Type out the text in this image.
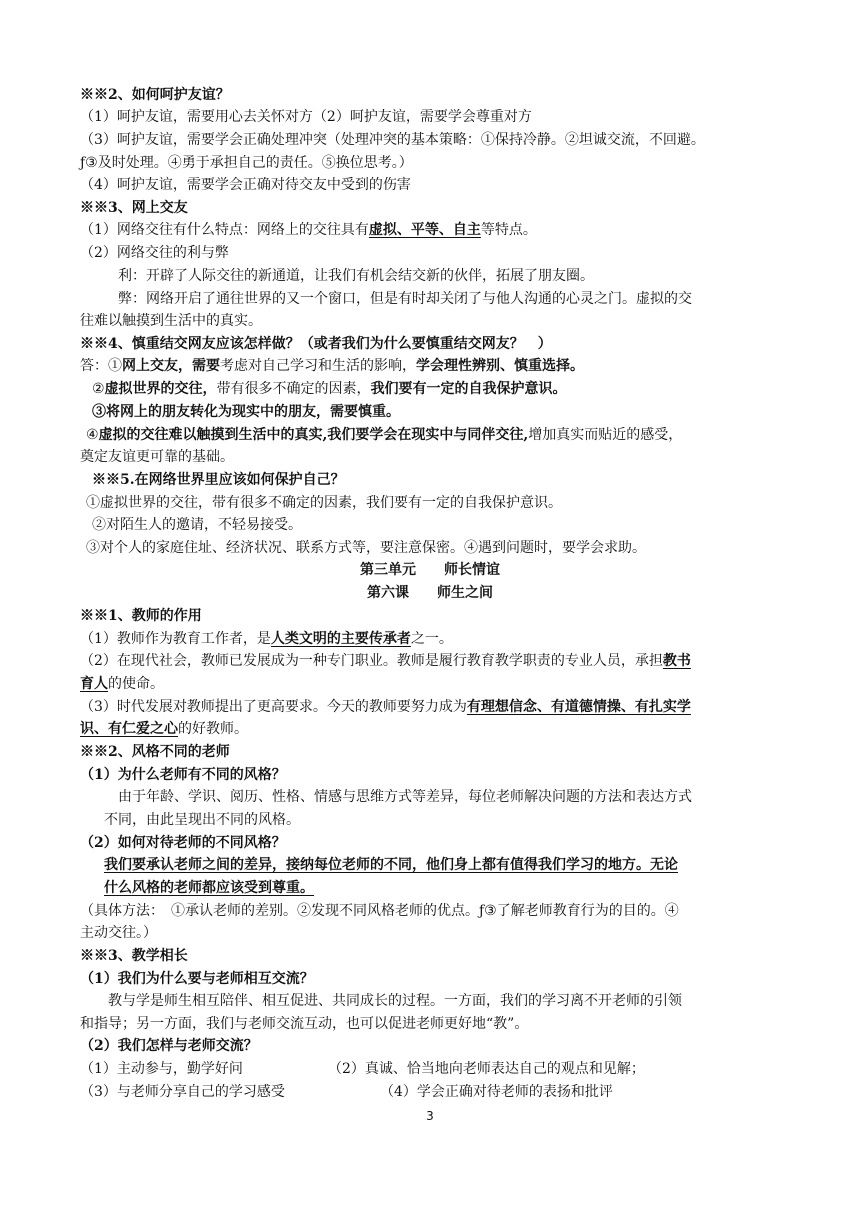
※※2、如何呵护友谊？
（1）呵护友谊，需要用心去关怀对方（2）呵护友谊，需要学会尊重对方
（3）呵护友谊，需要学会正确处理冲突（处理冲突的基本策略：①保持冷静。②坦诚交流，不回避。
ƒ③及时处理。④勇于承担自己的责任。⑤换位思考。）
（4）呵护友谊，需要学会正确对待交友中受到的伤害
※※3、网上交友
（1）网络交往有什么特点：网络上的交往具有虚拟、平等、自主等特点。
（2）网络交往的利与弊
利：开辟了人际交往的新通道，让我们有机会结交新的伙伴，拓展了朋友圈。
弊：网络开启了通往世界的又一个窗口，但是有时却关闭了与他人沟通的心灵之门。虚拟的交
往难以触摸到生活中的真实。
※※4、慎重结交网友应该怎样做？（或者我们为什么要慎重结交网友？　）
答：①网上交友，需要考虑对自己学习和生活的影响，学会理性辨别、慎重选择。
②虚拟世界的交往，带有很多不确定的因素，我们要有一定的自我保护意识。
③将网上的朋友转化为现实中的朋友，需要慎重。
④虚拟的交往难以触摸到生活中的真实,我们要学会在现实中与同伴交往,增加真实而贴近的感受，
奠定友谊更可靠的基础。
※※5.在网络世界里应该如何保护自己？
①虚拟世界的交往，带有很多不确定的因素，我们要有一定的自我保护意识。
②对陌生人的邀请，不轻易接受。
③对个人的家庭住址、经济状况、联系方式等，要注意保密。④遇到问题时，要学会求助。
第三单元　　师长情谊
第六课　　师生之间
※※1、教师的作用
（1）教师作为教育工作者，是人类文明的主要传承者之一。
（2）在现代社会，教师已发展成为一种专门职业。教师是履行教育教学职责的专业人员，承担教书
育人的使命。
（3）时代发展对教师提出了更高要求。今天的教师要努力成为有理想信念、有道德情操、有扎实学
识、有仁爱之心的好教师。
※※2、风格不同的老师
（1）为什么老师有不同的风格？
由于年龄、学识、阅历、性格、情感与思维方式等差异，每位老师解决问题的方法和表达方式
不同，由此呈现出不同的风格。
（2）如何对待老师的不同风格？
我们要承认老师之间的差异，接纳每位老师的不同，他们身上都有值得我们学习的地方。无论
什么风格的老师都应该受到尊重。
（具体方法：　①承认老师的差别。②发现不同风格老师的优点。ƒ③了解老师教育行为的目的。④
主动交往。）
※※3、教学相长
（1）我们为什么要与老师相互交流？
教与学是师生相互陪伴、相互促进、共同成长的过程。一方面，我们的学习离不开老师的引领
和指导；另一方面，我们与老师交流互动，也可以促进老师更好地“教”。
（2）我们怎样与老师交流？
（1）主动参与，勤学好问	（2）真诚、恰当地向老师表达自己的观点和见解；
（3）与老师分享自己的学习感受	（4）学会正确对待老师的表扬和批评
3
